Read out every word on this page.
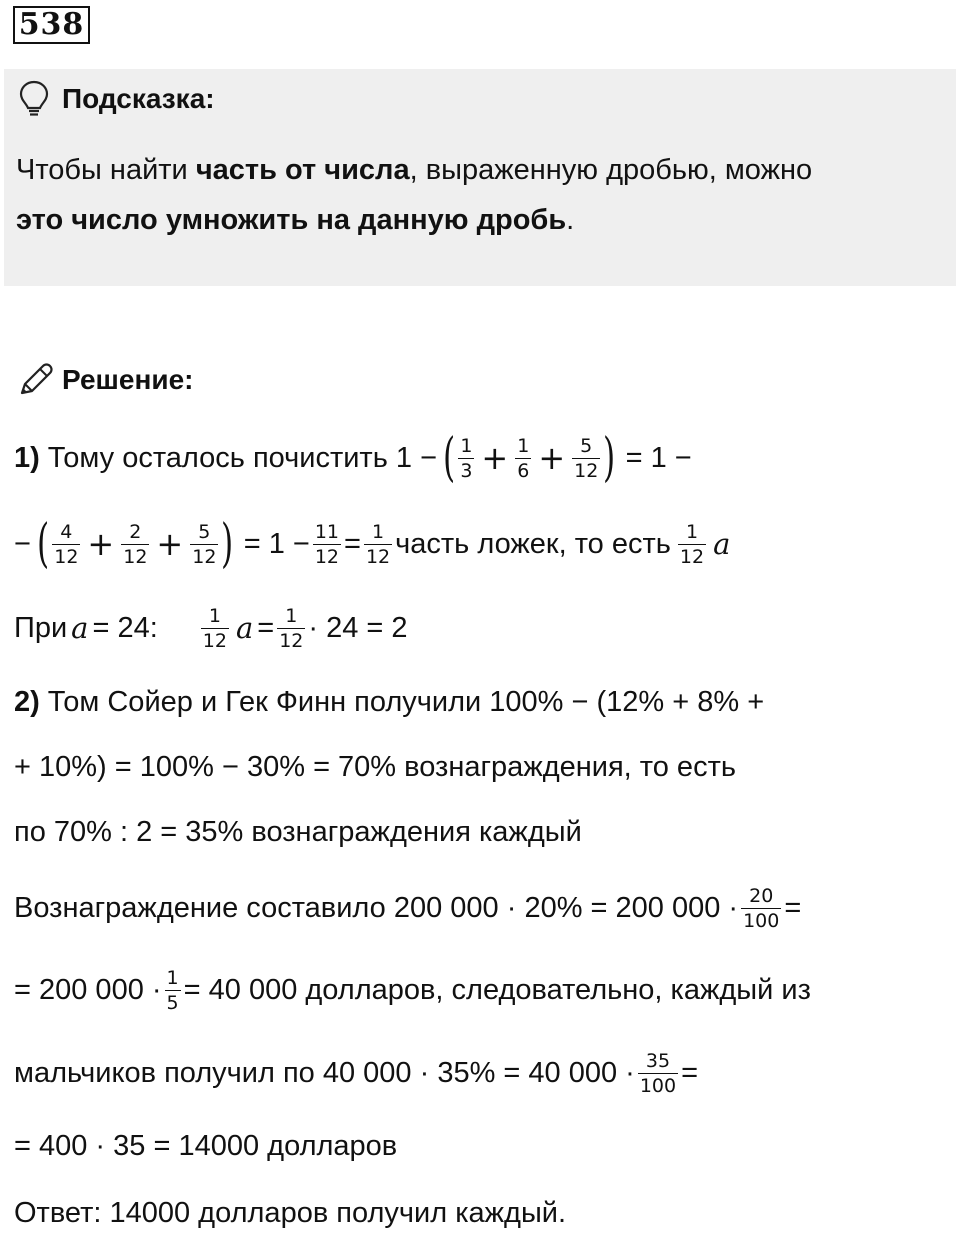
538
Подсказка:
Чтобы найти часть от числа, выраженную дробью, можно
это число умножить на данную дробь.
Решение:
1) Тому осталось почистить 1 − ( $\frac{1}{3} + \frac{1}{6} + \frac{5}{12}$ ) = 1 −
− ( $\frac{4}{12} + \frac{2}{12} + \frac{5}{12}$ ) = $1 - \frac{11}{12} = \frac{1}{12}$ часть ложек, то есть $\frac{1}{12}$ a
При a = 24: $\frac{1}{12}$ $a = \frac{1}{12} \cdot 24 = 2$
2) Том Сойер и Гек Финн получили 100% − (12% + 8% +
+ 10%) = 100% − 30% = 70% вознаграждения, то есть
по 70% : 2 = 35% вознаграждения каждый
Вознаграждение составило 200 000 · 20% = 200 $000 \cdot \frac{20}{100}$ =
= 200 $000 \cdot \frac{1}{5} = 40$ 000 долларов, следовательно, каждый из
мальчиков получил по 40 000 · 35% = 40 $000 \cdot \frac{35}{100}$ =
= 400 · 35 = 14000 долларов
Ответ: 14000 долларов получил каждый.
